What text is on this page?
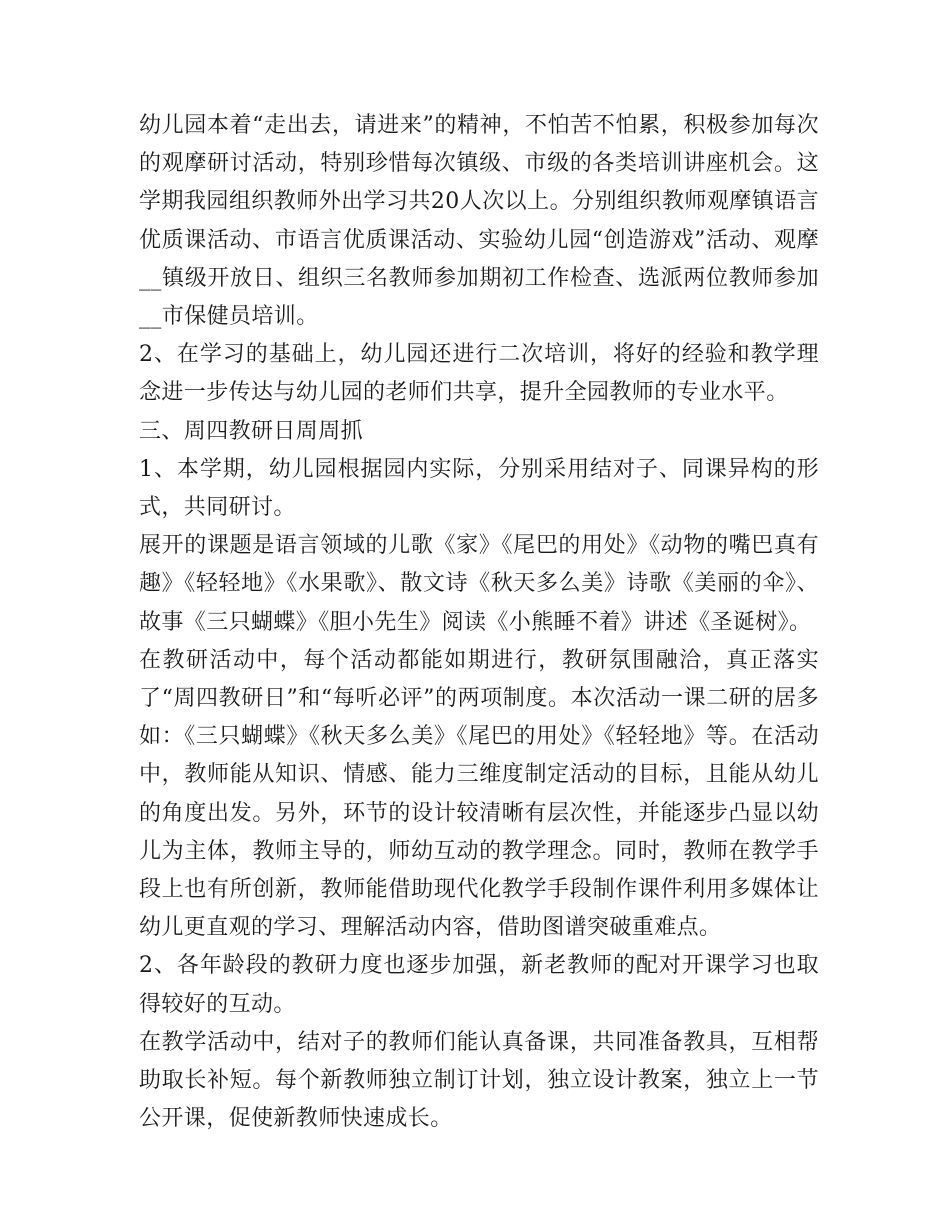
幼儿园本着“走出去，请进来”的精神，不怕苦不怕累，积极参加每次的观摩研讨活动，特别珍惜每次镇级、市级的各类培训讲座机会。这学期我园组织教师外出学习共20人次以上。分别组织教师观摩镇语言优质课活动、市语言优质课活动、实验幼儿园“创造游戏”活动、观摩__镇级开放日、组织三名教师参加期初工作检查、选派两位教师参加__市保健员培训。

2、在学习的基础上，幼儿园还进行二次培训，将好的经验和教学理念进一步传达与幼儿园的老师们共享，提升全园教师的专业水平。

三、周四教研日周周抓

1、本学期，幼儿园根据园内实际，分别采用结对子、同课异构的形式，共同研讨。

展开的课题是语言领域的儿歌《家》《尾巴的用处》《动物的嘴巴真有趣》《轻轻地》《水果歌》、散文诗《秋天多么美》诗歌《美丽的伞》、故事《三只蝴蝶》《胆小先生》阅读《小熊睡不着》讲述《圣诞树》。

在教研活动中，每个活动都能如期进行，教研氛围融洽，真正落实了“周四教研日”和“每听必评”的两项制度。本次活动一课二研的居多如：《三只蝴蝶》《秋天多么美》《尾巴的用处》《轻轻地》等。在活动中，教师能从知识、情感、能力三维度制定活动的目标，且能从幼儿的角度出发。另外，环节的设计较清晰有层次性，并能逐步凸显以幼儿为主体，教师主导的，师幼互动的教学理念。同时，教师在教学手段上也有所创新，教师能借助现代化教学手段制作课件利用多媒体让幼儿更直观的学习、理解活动内容，借助图谱突破重难点。

2、各年龄段的教研力度也逐步加强，新老教师的配对开课学习也取得较好的互动。

在教学活动中，结对子的教师们能认真备课，共同准备教具，互相帮助取长补短。每个新教师独立制订计划，独立设计教案，独立上一节公开课，促使新教师快速成长。
